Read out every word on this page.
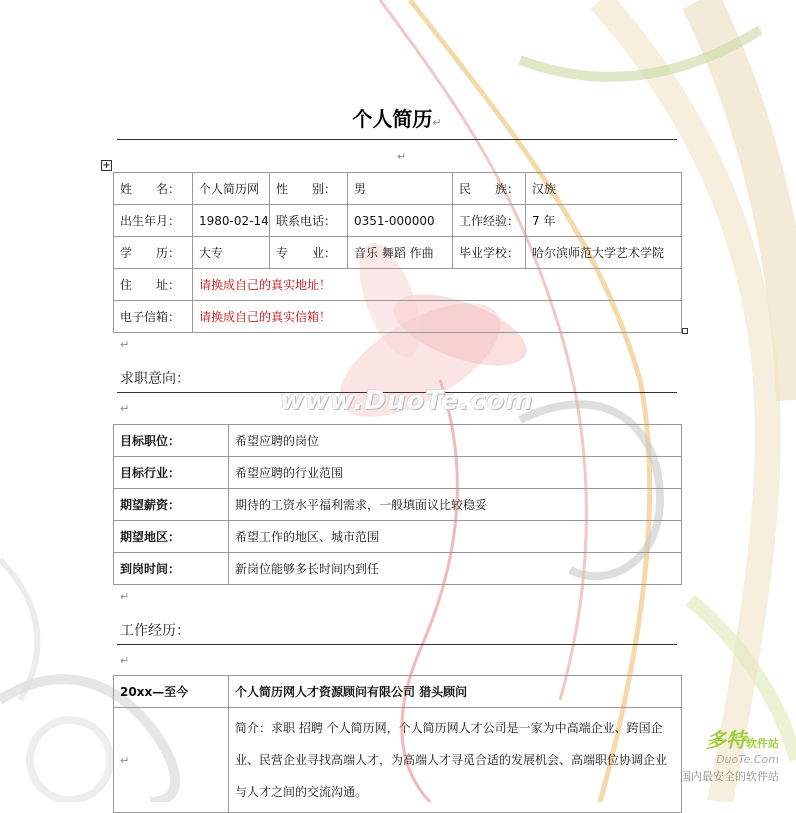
个人简历↵
↵
+
姓　　名：	个人简历网	性　　别：	男	民　　族：	汉族
出生年月：	1980-02-14	联系电话：	0351-000000	工作经验：	7 年
学　　历：	大专	专　　业：	音乐 舞蹈 作曲	毕业学校：	哈尔滨师范大学艺术学院
住　　址：	请换成自己的真实地址！				
电子信箱：	请换成自己的真实信箱！				
↵
求职意向：
↵	www.DuoTe.com
目标职位：	希望应聘的岗位
目标行业：	希望应聘的行业范围
期望薪资：	期待的工资水平福利需求，一般填面议比较稳妥
期望地区：	希望工作的地区、城市范围
到岗时间：	新岗位能够多长时间内到任
↵
工作经历：
↵
20xx—至今	个人简历网人才资源顾问有限公司 猎头顾问
↵	简介：求职 招聘 个人简历网，个人简历网人才公司是一家为中高端企业、跨国企业、民营企业寻找高端人才，为高端人才寻觅合适的发展机会、高端职位协调企业与人才之间的交流沟通。
多特软件站
DuoTe.Com
国内最安全的软件站
